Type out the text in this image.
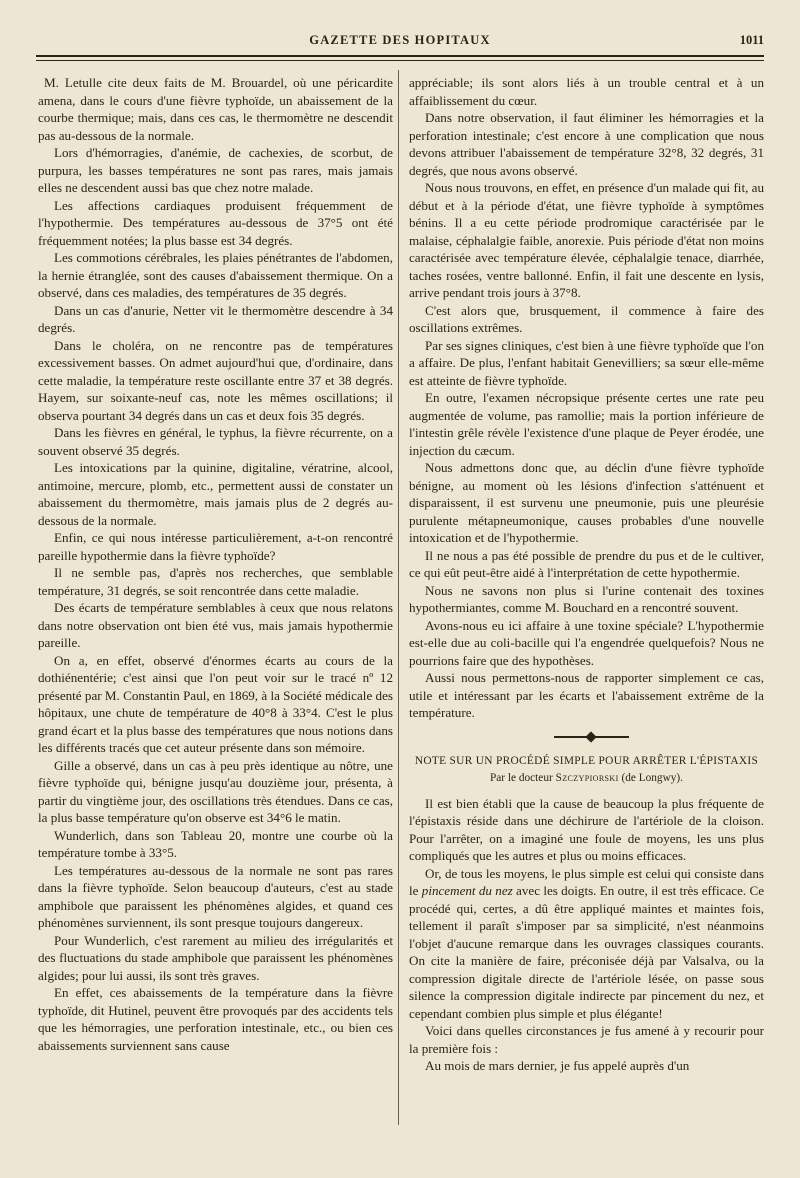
GAZETTE DES HOPITAUX	1011

M. Letulle cite deux faits de M. Brouardel, où une péricardite amena, dans le cours d'une fièvre typhoïde, un abaissement de la courbe thermique; mais, dans ces cas, le thermomètre ne descendit pas au-dessous de la normale.

Lors d'hémorragies, d'anémie, de cachexies, de scorbut, de purpura, les basses températures ne sont pas rares, mais jamais elles ne descendent aussi bas que chez notre malade.

Les affections cardiaques produisent fréquemment de l'hypothermie. Des températures au-dessous de 37°5 ont été fréquemment notées; la plus basse est 34 degrés.

Les commotions cérébrales, les plaies pénétrantes de l'abdomen, la hernie étranglée, sont des causes d'abaissement thermique. On a observé, dans ces maladies, des températures de 35 degrés.

Dans un cas d'anurie, Netter vit le thermomètre descendre à 34 degrés.

Dans le choléra, on ne rencontre pas de températures excessivement basses. On admet aujourd'hui que, d'ordinaire, dans cette maladie, la température reste oscillante entre 37 et 38 degrés. Hayem, sur soixante-neuf cas, note les mêmes oscillations; il observa pourtant 34 degrés dans un cas et deux fois 35 degrés.

Dans les fièvres en général, le typhus, la fièvre récurrente, on a souvent observé 35 degrés.

Les intoxications par la quinine, digitaline, vératrine, alcool, antimoine, mercure, plomb, etc., permettent aussi de constater un abaissement du thermomètre, mais jamais plus de 2 degrés au-dessous de la normale.

Enfin, ce qui nous intéresse particulièrement, a-t-on rencontré pareille hypothermie dans la fièvre typhoïde?

Il ne semble pas, d'après nos recherches, que semblable température, 31 degrés, se soit rencontrée dans cette maladie.

Des écarts de température semblables à ceux que nous relatons dans notre observation ont bien été vus, mais jamais hypothermie pareille.

On a, en effet, observé d'énormes écarts au cours de la dothiénentérie; c'est ainsi que l'on peut voir sur le tracé nº 12 présenté par M. Constantin Paul, en 1869, à la Société médicale des hôpitaux, une chute de température de 40°8 à 33°4. C'est le plus grand écart et la plus basse des températures que nous notions dans les différents tracés que cet auteur présente dans son mémoire.

Gille a observé, dans un cas à peu près identique au nôtre, une fièvre typhoïde qui, bénigne jusqu'au douzième jour, présenta, à partir du vingtième jour, des oscillations très étendues. Dans ce cas, la plus basse température qu'on observe est 34°6 le matin.

Wunderlich, dans son Tableau 20, montre une courbe où la température tombe à 33°5.

Les températures au-dessous de la normale ne sont pas rares dans la fièvre typhoïde. Selon beaucoup d'auteurs, c'est au stade amphibole que paraissent les phénomènes algides, et quand ces phénomènes surviennent, ils sont presque toujours dangereux.

Pour Wunderlich, c'est rarement au milieu des irrégularités et des fluctuations du stade amphibole que paraissent les phénomènes algides; pour lui aussi, ils sont très graves.

En effet, ces abaissements de la température dans la fièvre typhoïde, dit Hutinel, peuvent être provoqués par des accidents tels que les hémorragies, une perforation intestinale, etc., ou bien ces abaissements surviennent sans cause

appréciable; ils sont alors liés à un trouble central et à un affaiblissement du cœur.

Dans notre observation, il faut éliminer les hémorragies et la perforation intestinale; c'est encore à une complication que nous devons attribuer l'abaissement de température 32°8, 32 degrés, 31 degrés, que nous avons observé.

Nous nous trouvons, en effet, en présence d'un malade qui fit, au début et à la période d'état, une fièvre typhoïde à symptômes bénins. Il a eu cette période prodromique caractérisée par le malaise, céphalalgie faible, anorexie. Puis période d'état non moins caractérisée avec température élevée, céphalalgie tenace, diarrhée, taches rosées, ventre ballonné. Enfin, il fait une descente en lysis, arrive pendant trois jours à 37°8.

C'est alors que, brusquement, il commence à faire des oscillations extrêmes.

Par ses signes cliniques, c'est bien à une fièvre typhoïde que l'on a affaire. De plus, l'enfant habitait Genevilliers; sa sœur elle-même est atteinte de fièvre typhoïde.

En outre, l'examen nécropsique présente certes une rate peu augmentée de volume, pas ramollie; mais la portion inférieure de l'intestin grêle révèle l'existence d'une plaque de Peyer érodée, une injection du cæcum.

Nous admettons donc que, au déclin d'une fièvre typhoïde bénigne, au moment où les lésions d'infection s'atténuent et disparaissent, il est survenu une pneumonie, puis une pleurésie purulente métapneumonique, causes probables d'une nouvelle intoxication et de l'hypothermie.

Il ne nous a pas été possible de prendre du pus et de le cultiver, ce qui eût peut-être aidé à l'interprétation de cette hypothermie.

Nous ne savons non plus si l'urine contenait des toxines hypothermiantes, comme M. Bouchard en a rencontré souvent.

Avons-nous eu ici affaire à une toxine spéciale? L'hypothermie est-elle due au coli-bacille qui l'a engendrée quelquefois? Nous ne pourrions faire que des hypothèses.

Aussi nous permettons-nous de rapporter simplement ce cas, utile et intéressant par les écarts et l'abaissement extrême de la température.

NOTE SUR UN PROCÉDÉ SIMPLE POUR ARRÊTER L'ÉPISTAXIS
Par le docteur Szczypiorski (de Longwy).

Il est bien établi que la cause de beaucoup la plus fréquente de l'épistaxis réside dans une déchirure de l'artériole de la cloison. Pour l'arrêter, on a imaginé une foule de moyens, les uns plus compliqués que les autres et plus ou moins efficaces.

Or, de tous les moyens, le plus simple est celui qui consiste dans le pincement du nez avec les doigts. En outre, il est très efficace. Ce procédé qui, certes, a dû être appliqué maintes et maintes fois, tellement il paraît s'imposer par sa simplicité, n'est néanmoins l'objet d'aucune remarque dans les ouvrages classiques courants. On cite la manière de faire, préconisée déjà par Valsalva, ou la compression digitale directe de l'artériole lésée, on passe sous silence la compression digitale indirecte par pincement du nez, et cependant combien plus simple et plus élégante!

Voici dans quelles circonstances je fus amené à y recourir pour la première fois :

Au mois de mars dernier, je fus appelé auprès d'un
